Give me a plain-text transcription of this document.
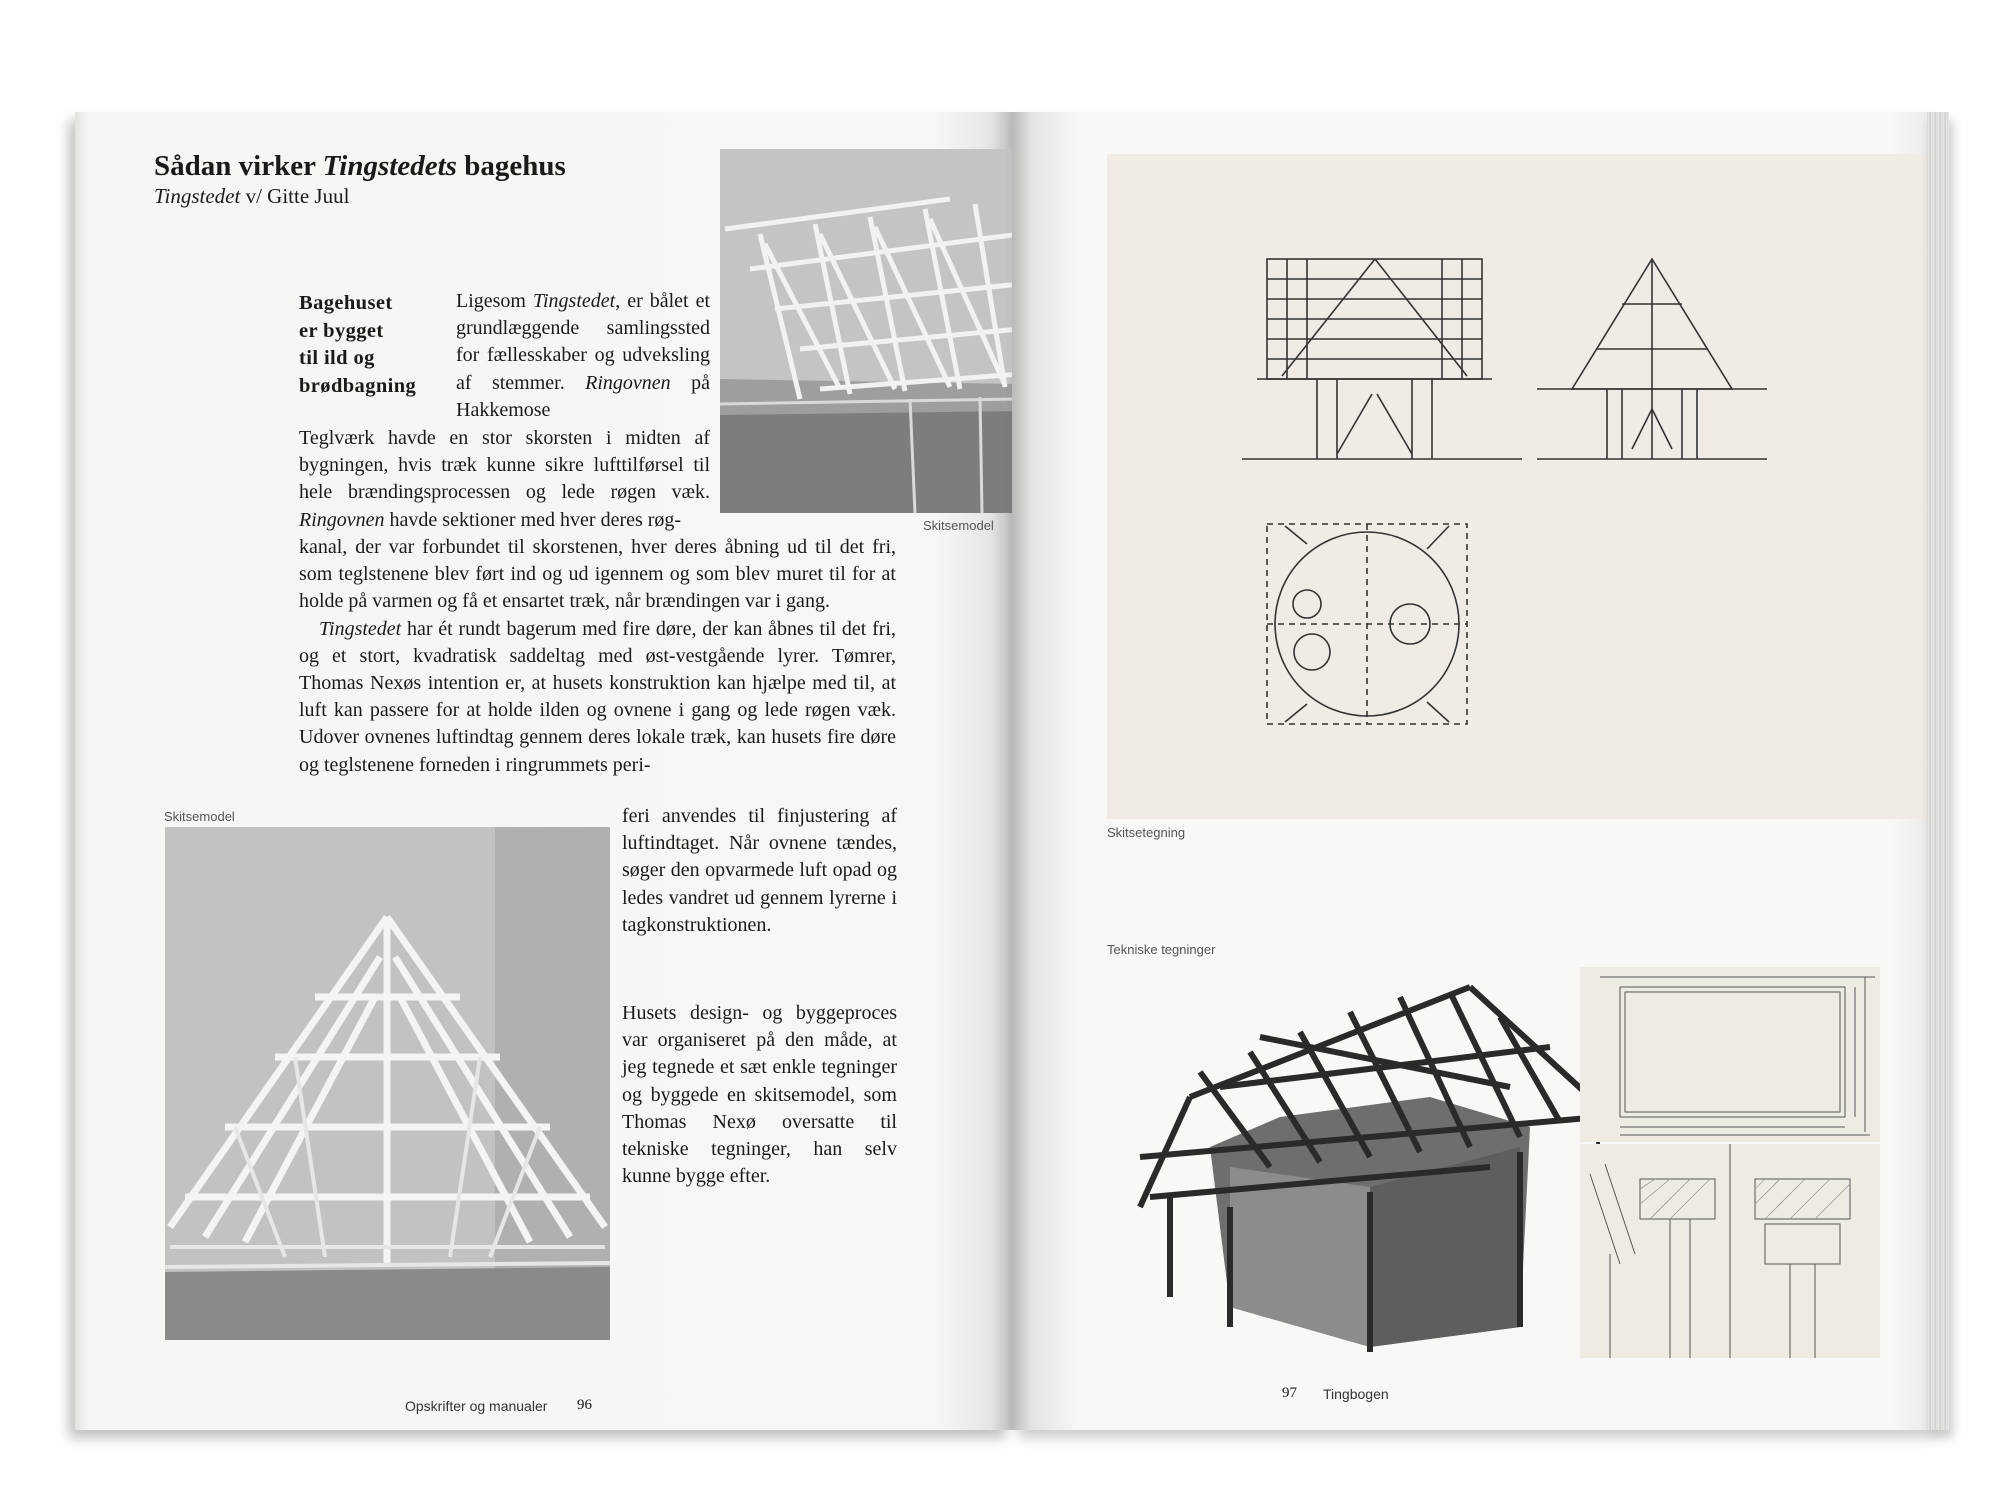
Sådan virker Tingstedets bagehus
Tingstedet v/ Gitte Juul
Bagehuset
er bygget
til ild og
brødbagning
Ligesom Tingstedet, er bålet et grundlæggende samlingssted for fællesskaber og udveksling af stemmer. Ringovnen på Hakkemose
Teglværk havde en stor skorsten i midten af bygningen, hvis træk kunne sikre lufttilførsel til hele brændingsprocessen og lede røgen væk. Ringovnen havde sektioner med hver deres røg-

kanal, der var forbundet til skorstenen, hver deres åbning ud til det fri, som teglstenene blev ført ind og ud igennem og som blev muret til for at holde på varmen og få et ensartet træk, når brændingen var i gang.

Tingstedet har ét rundt bagerum med fire døre, der kan åbnes til det fri, og et stort, kvadratisk saddeltag med øst-vestgående lyrer. Tømrer, Thomas Nexøs intention er, at husets konstruktion kan hjælpe med til, at luft kan passere for at holde ilden og ovnene i gang og lede røgen væk. Udover ovnenes luftindtag gennem deres lokale træk, kan husets fire døre og teglstenene forneden i ringrummets peri-

feri anvendes til finjustering af luftindtaget. Når ovnene tændes, søger den opvarmede luft opad og ledes vandret ud gennem lyrerne i tagkonstruktionen.
Husets design- og byggeproces var organiseret på den måde, at jeg tegnede et sæt enkle tegninger og byggede en skitsemodel, som Thomas Nexø oversatte til tekniske tegninger, han selv kunne bygge efter.
Skitsemodel
Skitsemodel
Opskrifter og manualer 96
Skitsetegning
Tekniske tegninger
97 Tingbogen
